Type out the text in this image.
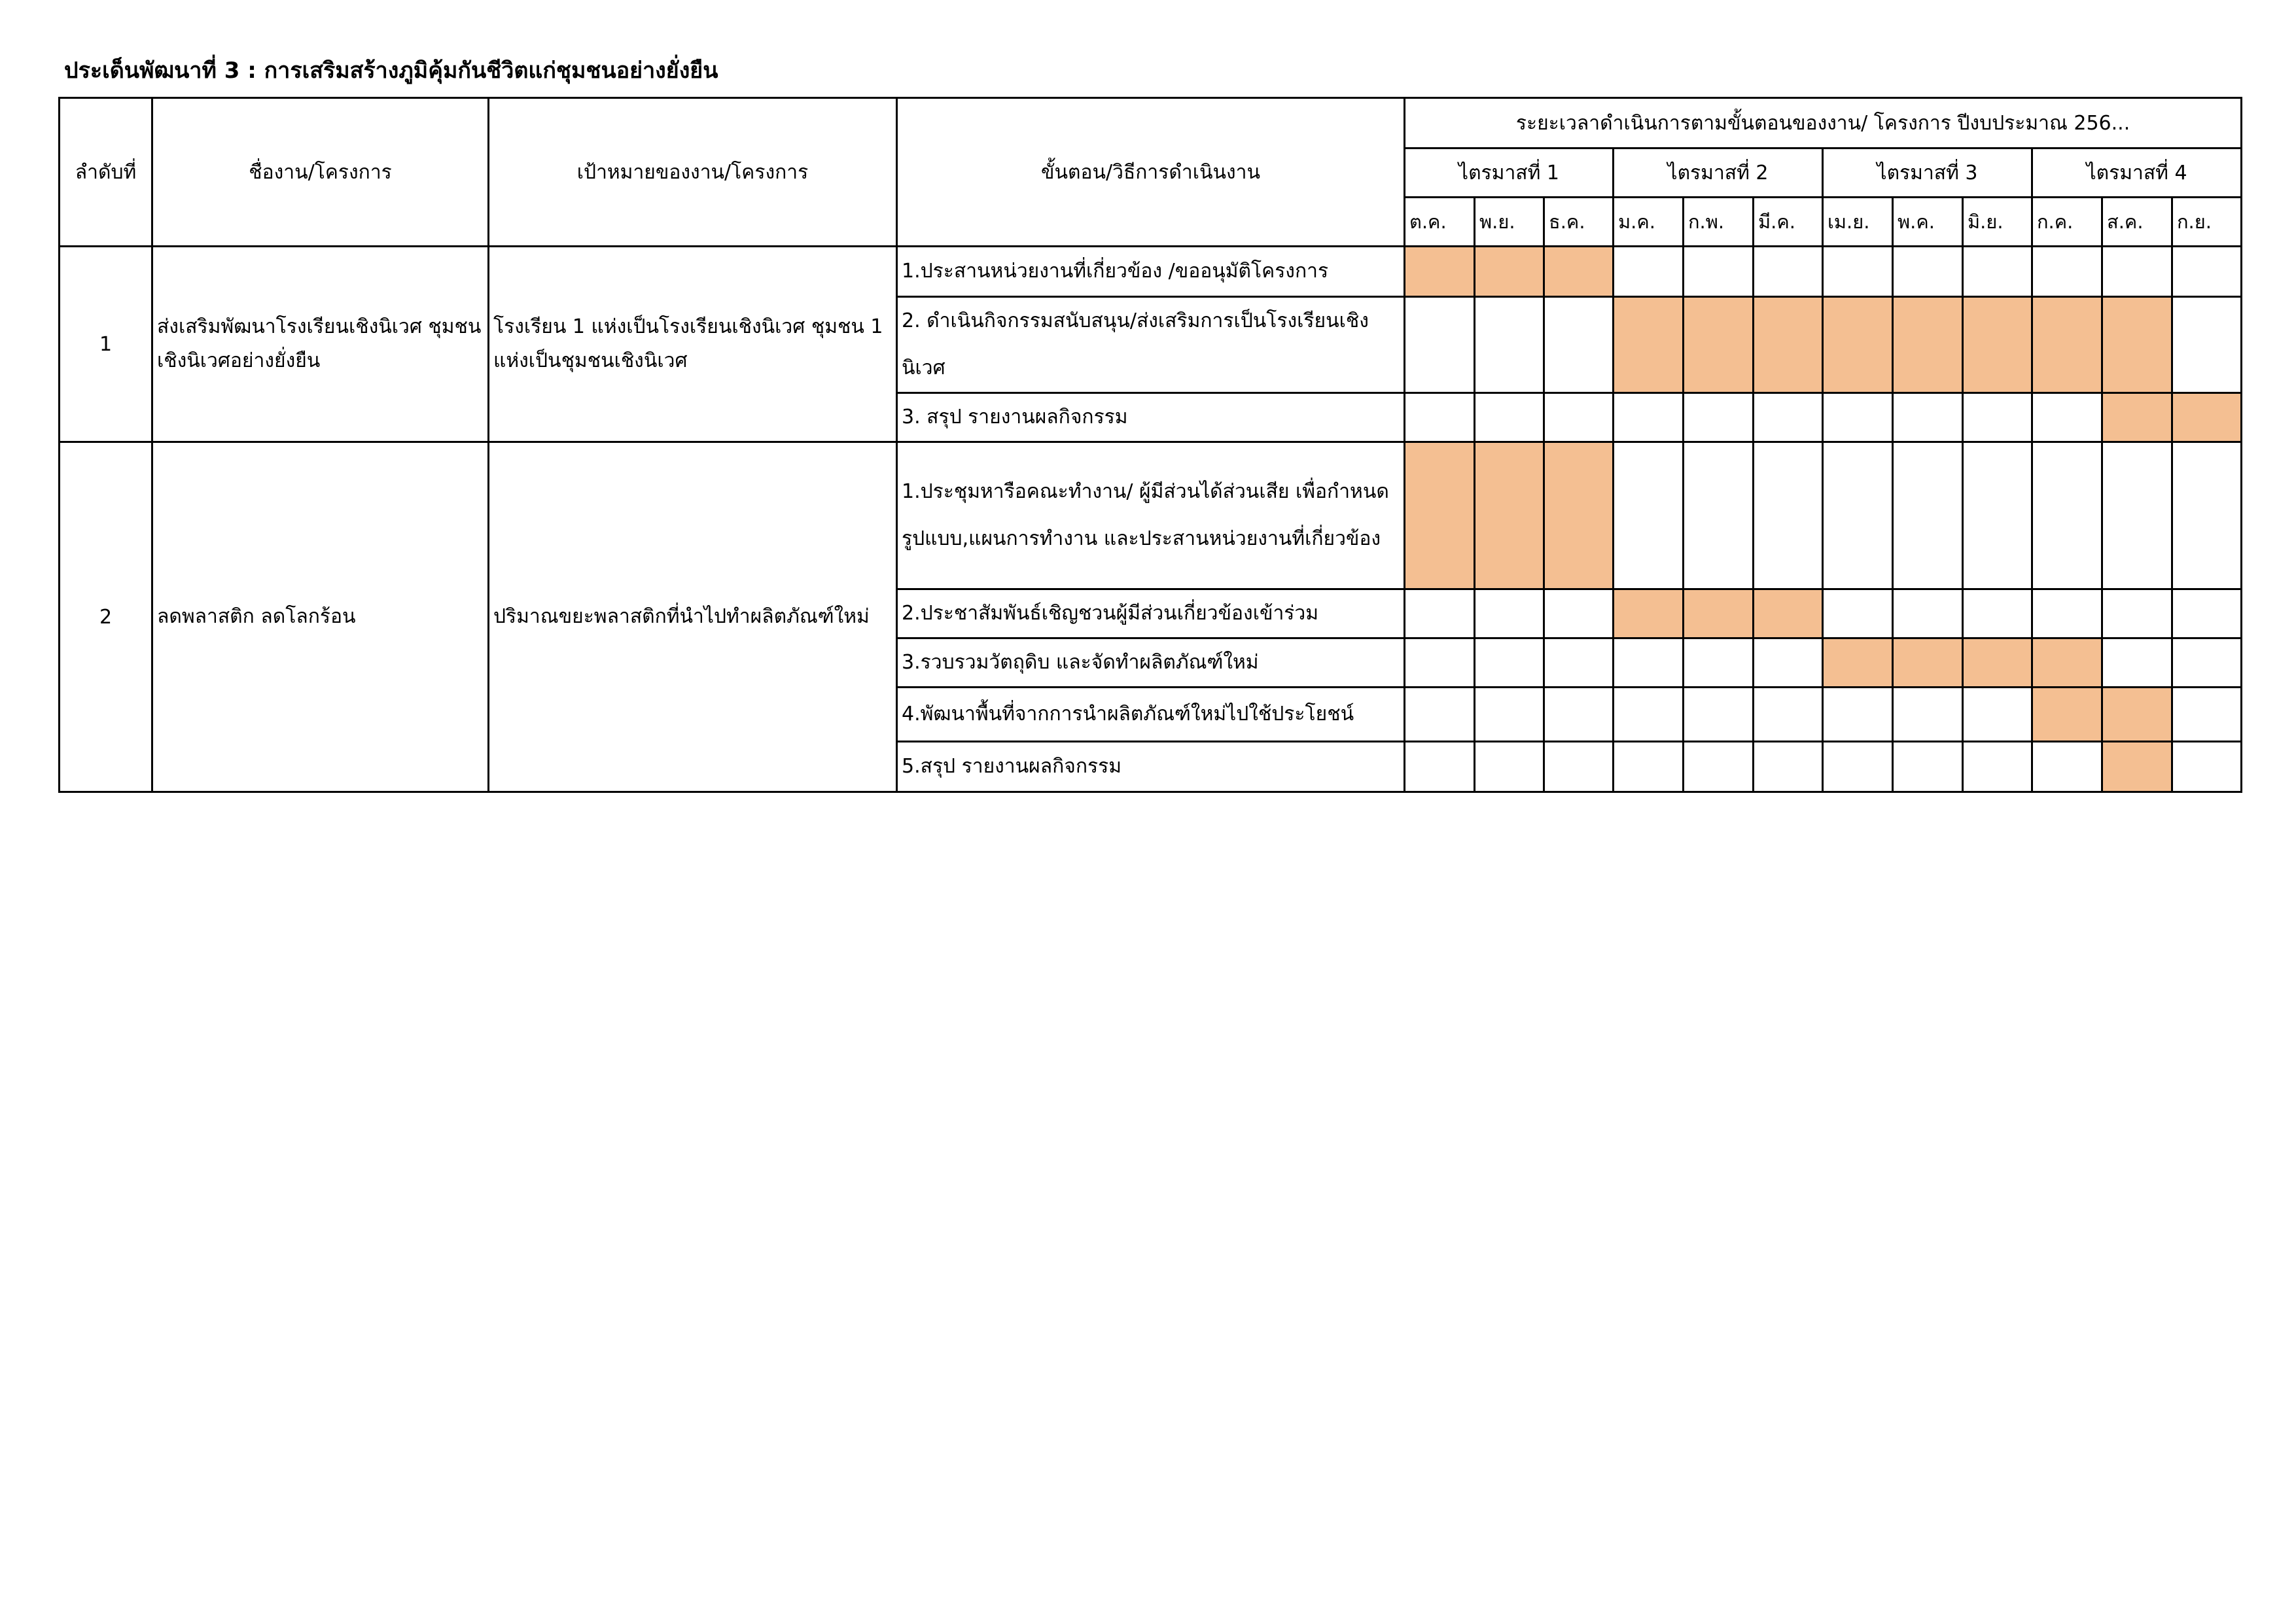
ประเด็นพัฒนาที่ 3 : การเสริมสร้างภูมิคุ้มกันชีวิตแก่ชุมชนอย่างยั่งยืน
ลำดับที่	ชื่องาน/โครงการ	เป้าหมายของงาน/โครงการ	ขั้นตอน/วิธีการดำเนินงาน	ระยะเวลาดำเนินการตามขั้นตอนของงาน/ โครงการ ปีงบประมาณ 256...											
				ไตรมาสที่ 1			ไตรมาสที่ 2			ไตรมาสที่ 3			ไตรมาสที่ 4		
				ต.ค.	พ.ย.	ธ.ค.	ม.ค.	ก.พ.	มี.ค.	เม.ย.	พ.ค.	มิ.ย.	ก.ค.	ส.ค.	ก.ย.
1	ส่งเสริมพัฒนาโรงเรียนเชิงนิเวศ ชุมชนเชิงนิเวศอย่างยั่งยืน	โรงเรียน 1 แห่งเป็นโรงเรียนเชิงนิเวศ ชุมชน 1 แห่งเป็นชุมชนเชิงนิเวศ	1.ประสานหน่วยงานที่เกี่ยวข้อง /ขออนุมัติโครงการ												
			2. ดำเนินกิจกรรมสนับสนุน/ส่งเสริมการเป็นโรงเรียนเชิงนิเวศ												
			3. สรุป รายงานผลกิจกรรม												
2	ลดพลาสติก ลดโลกร้อน	ปริมาณขยะพลาสติกที่นำไปทำผลิตภัณฑ์ใหม่	1.ประชุมหารือคณะทำงาน/ ผู้มีส่วนได้ส่วนเสีย เพื่อกำหนดรูปแบบ,แผนการทำงาน และประสานหน่วยงานที่เกี่ยวข้อง												
			2.ประชาสัมพันธ์เชิญชวนผู้มีส่วนเกี่ยวข้องเข้าร่วม												
			3.รวบรวมวัตถุดิบ และจัดทำผลิตภัณฑ์ใหม่												
			4.พัฒนาพื้นที่จากการนำผลิตภัณฑ์ใหม่ไปใช้ประโยชน์												
			5.สรุป รายงานผลกิจกรรม												
